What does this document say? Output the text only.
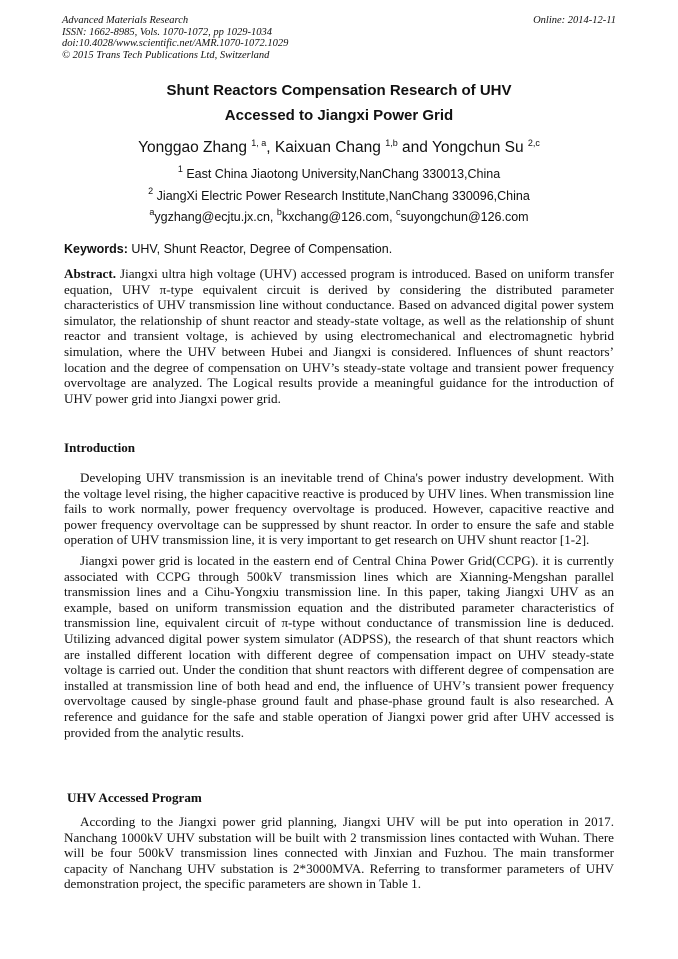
Advanced Materials Research
ISSN: 1662-8985, Vols. 1070-1072, pp 1029-1034
doi:10.4028/www.scientific.net/AMR.1070-1072.1029
© 2015 Trans Tech Publications Ltd, Switzerland
Online: 2014-12-11
Shunt Reactors Compensation Research of UHV
Accessed to Jiangxi Power Grid
Yonggao Zhang $^{1, a}$, Kaixuan Chang $^{1,b}$ and Yongchun Su $^{2,c}$
$^1$ East China Jiaotong University,NanChang 330013,China
$^2$ JiangXi Electric Power Research Institute,NanChang 330096,China
$^a$ygzhang@ecjtu.jx.cn, $^b$kxchang@126.com, $^c$suyongchun@126.com
Keywords: UHV, Shunt Reactor, Degree of Compensation.

Abstract. Jiangxi ultra high voltage (UHV) accessed program is introduced. Based on uniform transfer equation, UHV π-type equivalent circuit is derived by considering the distributed parameter characteristics of UHV transmission line without conductance. Based on advanced digital power system simulator, the relationship of shunt reactor and steady-state voltage, as well as the relationship of shunt reactor and transient voltage, is achieved by using electromechanical and electromagnetic hybrid simulation, where the UHV between Hubei and Jiangxi is considered. Influences of shunt reactors’ location and the degree of compensation on UHV’s steady-state voltage and transient power frequency overvoltage are analyzed. The Logical results provide a meaningful guidance for the introduction of UHV power grid into Jiangxi power grid.

Introduction

Developing UHV transmission is an inevitable trend of China's power industry development. With the voltage level rising, the higher capacitive reactive is produced by UHV lines. When transmission line fails to work normally, power frequency overvoltage is produced. However, capacitive reactive and power frequency overvoltage can be suppressed by shunt reactor. In order to ensure the safe and stable operation of UHV transmission line, it is very important to get research on UHV shunt reactor [1-2].

Jiangxi power grid is located in the eastern end of Central China Power Grid(CCPG). it is currently associated with CCPG through 500kV transmission lines which are Xianning-Mengshan parallel transmission lines and a Cihu-Yongxiu transmission line. In this paper, taking Jiangxi UHV as an example, based on uniform transmission equation and the distributed parameter characteristics of transmission line, equivalent circuit of π-type without conductance of transmission line is deduced. Utilizing advanced digital power system simulator (ADPSS), the research of that shunt reactors which are installed different location with different degree of compensation impact on UHV steady-state voltage is carried out. Under the condition that shunt reactors with different degree of compensation are installed at transmission line of both head and end, the influence of UHV’s transient power frequency overvoltage caused by single-phase ground fault and phase-phase ground fault is also researched. A reference and guidance for the safe and stable operation of Jiangxi power grid after UHV accessed is provided from the analytic results.

UHV Accessed Program

According to the Jiangxi power grid planning, Jiangxi UHV will be put into operation in 2017. Nanchang 1000kV UHV substation will be built with 2 transmission lines contacted with Wuhan. There will be four 500kV transmission lines connected with Jinxian and Fuzhou. The main transformer capacity of Nanchang UHV substation is 2*3000MVA. Referring to transformer parameters of UHV demonstration project, the specific parameters are shown in Table 1.
